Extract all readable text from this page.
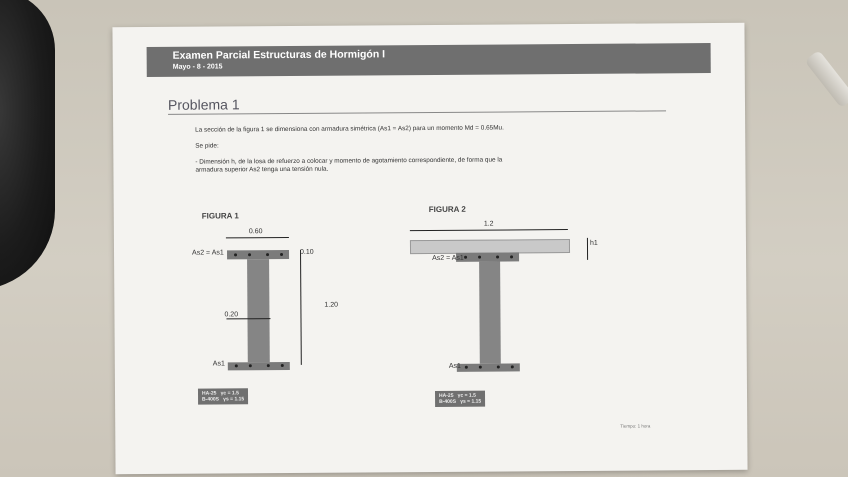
Examen Parcial Estructuras de Hormigón I
Mayo - 8 - 2015
Problema 1
La sección de la figura 1 se dimensiona con armadura simétrica (As1 = As2) para un momento Md = 0.65Mu.
Se pide:
- Dimensión h, de la losa de refuerzo a colocar y momento de agotamiento correspondiente, de forma que la
armadura superior As2 tenga una tensión nula.
FIGURA 1
0.60
As2 = As1	0.10
1.20
0.20
As1
HA-25 γc = 1.5
B-400S γs = 1.15
FIGURA 2
1.2
h1
As2 = As1
As1
HA-25 γc = 1.5
B-400S γs = 1.15
Tiempo: 1 hora
